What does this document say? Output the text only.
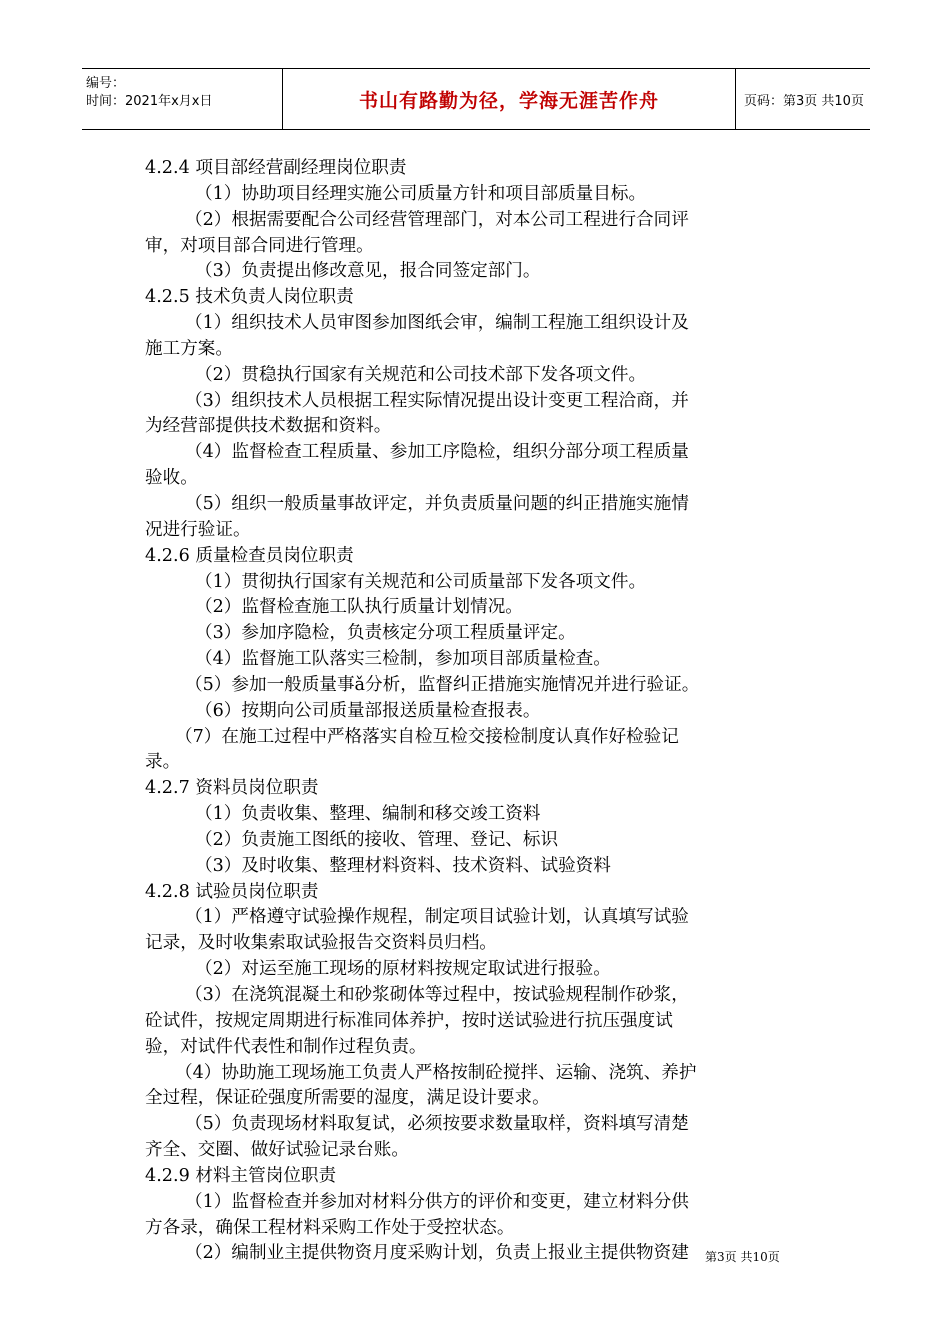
编号：
时间：2021年x月x日	书山有路勤为径，学海无涯苦作舟	页码：第3页 共10页
4.2.4 项目部经营副经理岗位职责
（1）协助项目经理实施公司质量方针和项目部质量目标。
（2）根据需要配合公司经营管理部门，对本公司工程进行合同评
审，对项目部合同进行管理。
（3）负责提出修改意见，报合同签定部门。
4.2.5 技术负责人岗位职责
（1）组织技术人员审图参加图纸会审，编制工程施工组织设计及
施工方案。
（2）贯稳执行国家有关规范和公司技术部下发各项文件。
（3）组织技术人员根据工程实际情况提出设计变更工程洽商，并
为经营部提供技术数据和资料。
（4）监督检查工程质量、参加工序隐检，组织分部分项工程质量
验收。
（5）组织一般质量事故评定，并负责质量问题的纠正措施实施情
况进行验证。
4.2.6 质量检查员岗位职责
（1）贯彻执行国家有关规范和公司质量部下发各项文件。
（2）监督检查施工队执行质量计划情况。
（3）参加序隐检，负责核定分项工程质量评定。
（4）监督施工队落实三检制，参加项目部质量检查。
（5）参加一般质量事ǎ分析，监督纠正措施实施情况并进行验证。
（6）按期向公司质量部报送质量检查报表。
（7）在施工过程中严格落实自检互检交接检制度认真作好检验记
录。
4.2.7 资料员岗位职责
（1）负责收集、整理、编制和移交竣工资料
（2）负责施工图纸的接收、管理、登记、标识
（3）及时收集、整理材料资料、技术资料、试验资料
4.2.8 试验员岗位职责
（1）严格遵守试验操作规程，制定项目试验计划，认真填写试验
记录，及时收集索取试验报告交资料员归档。
（2）对运至施工现场的原材料按规定取试进行报验。
（3）在浇筑混凝土和砂浆砌体等过程中，按试验规程制作砂浆，
砼试件，按规定周期进行标准同体养护，按时送试验进行抗压强度试
验，对试件代表性和制作过程负责。
（4）协助施工现场施工负责人严格按制砼搅拌、运输、浇筑、养护
全过程，保证砼强度所需要的湿度，满足设计要求。
（5）负责现场材料取复试，必须按要求数量取样，资料填写清楚
齐全、交圈、做好试验记录台账。
4.2.9 材料主管岗位职责
（1）监督检查并参加对材料分供方的评价和变更，建立材料分供
方各录，确保工程材料采购工作处于受控状态。
（2）编制业主提供物资月度采购计划，负责上报业主提供物资建	第3页 共10页
